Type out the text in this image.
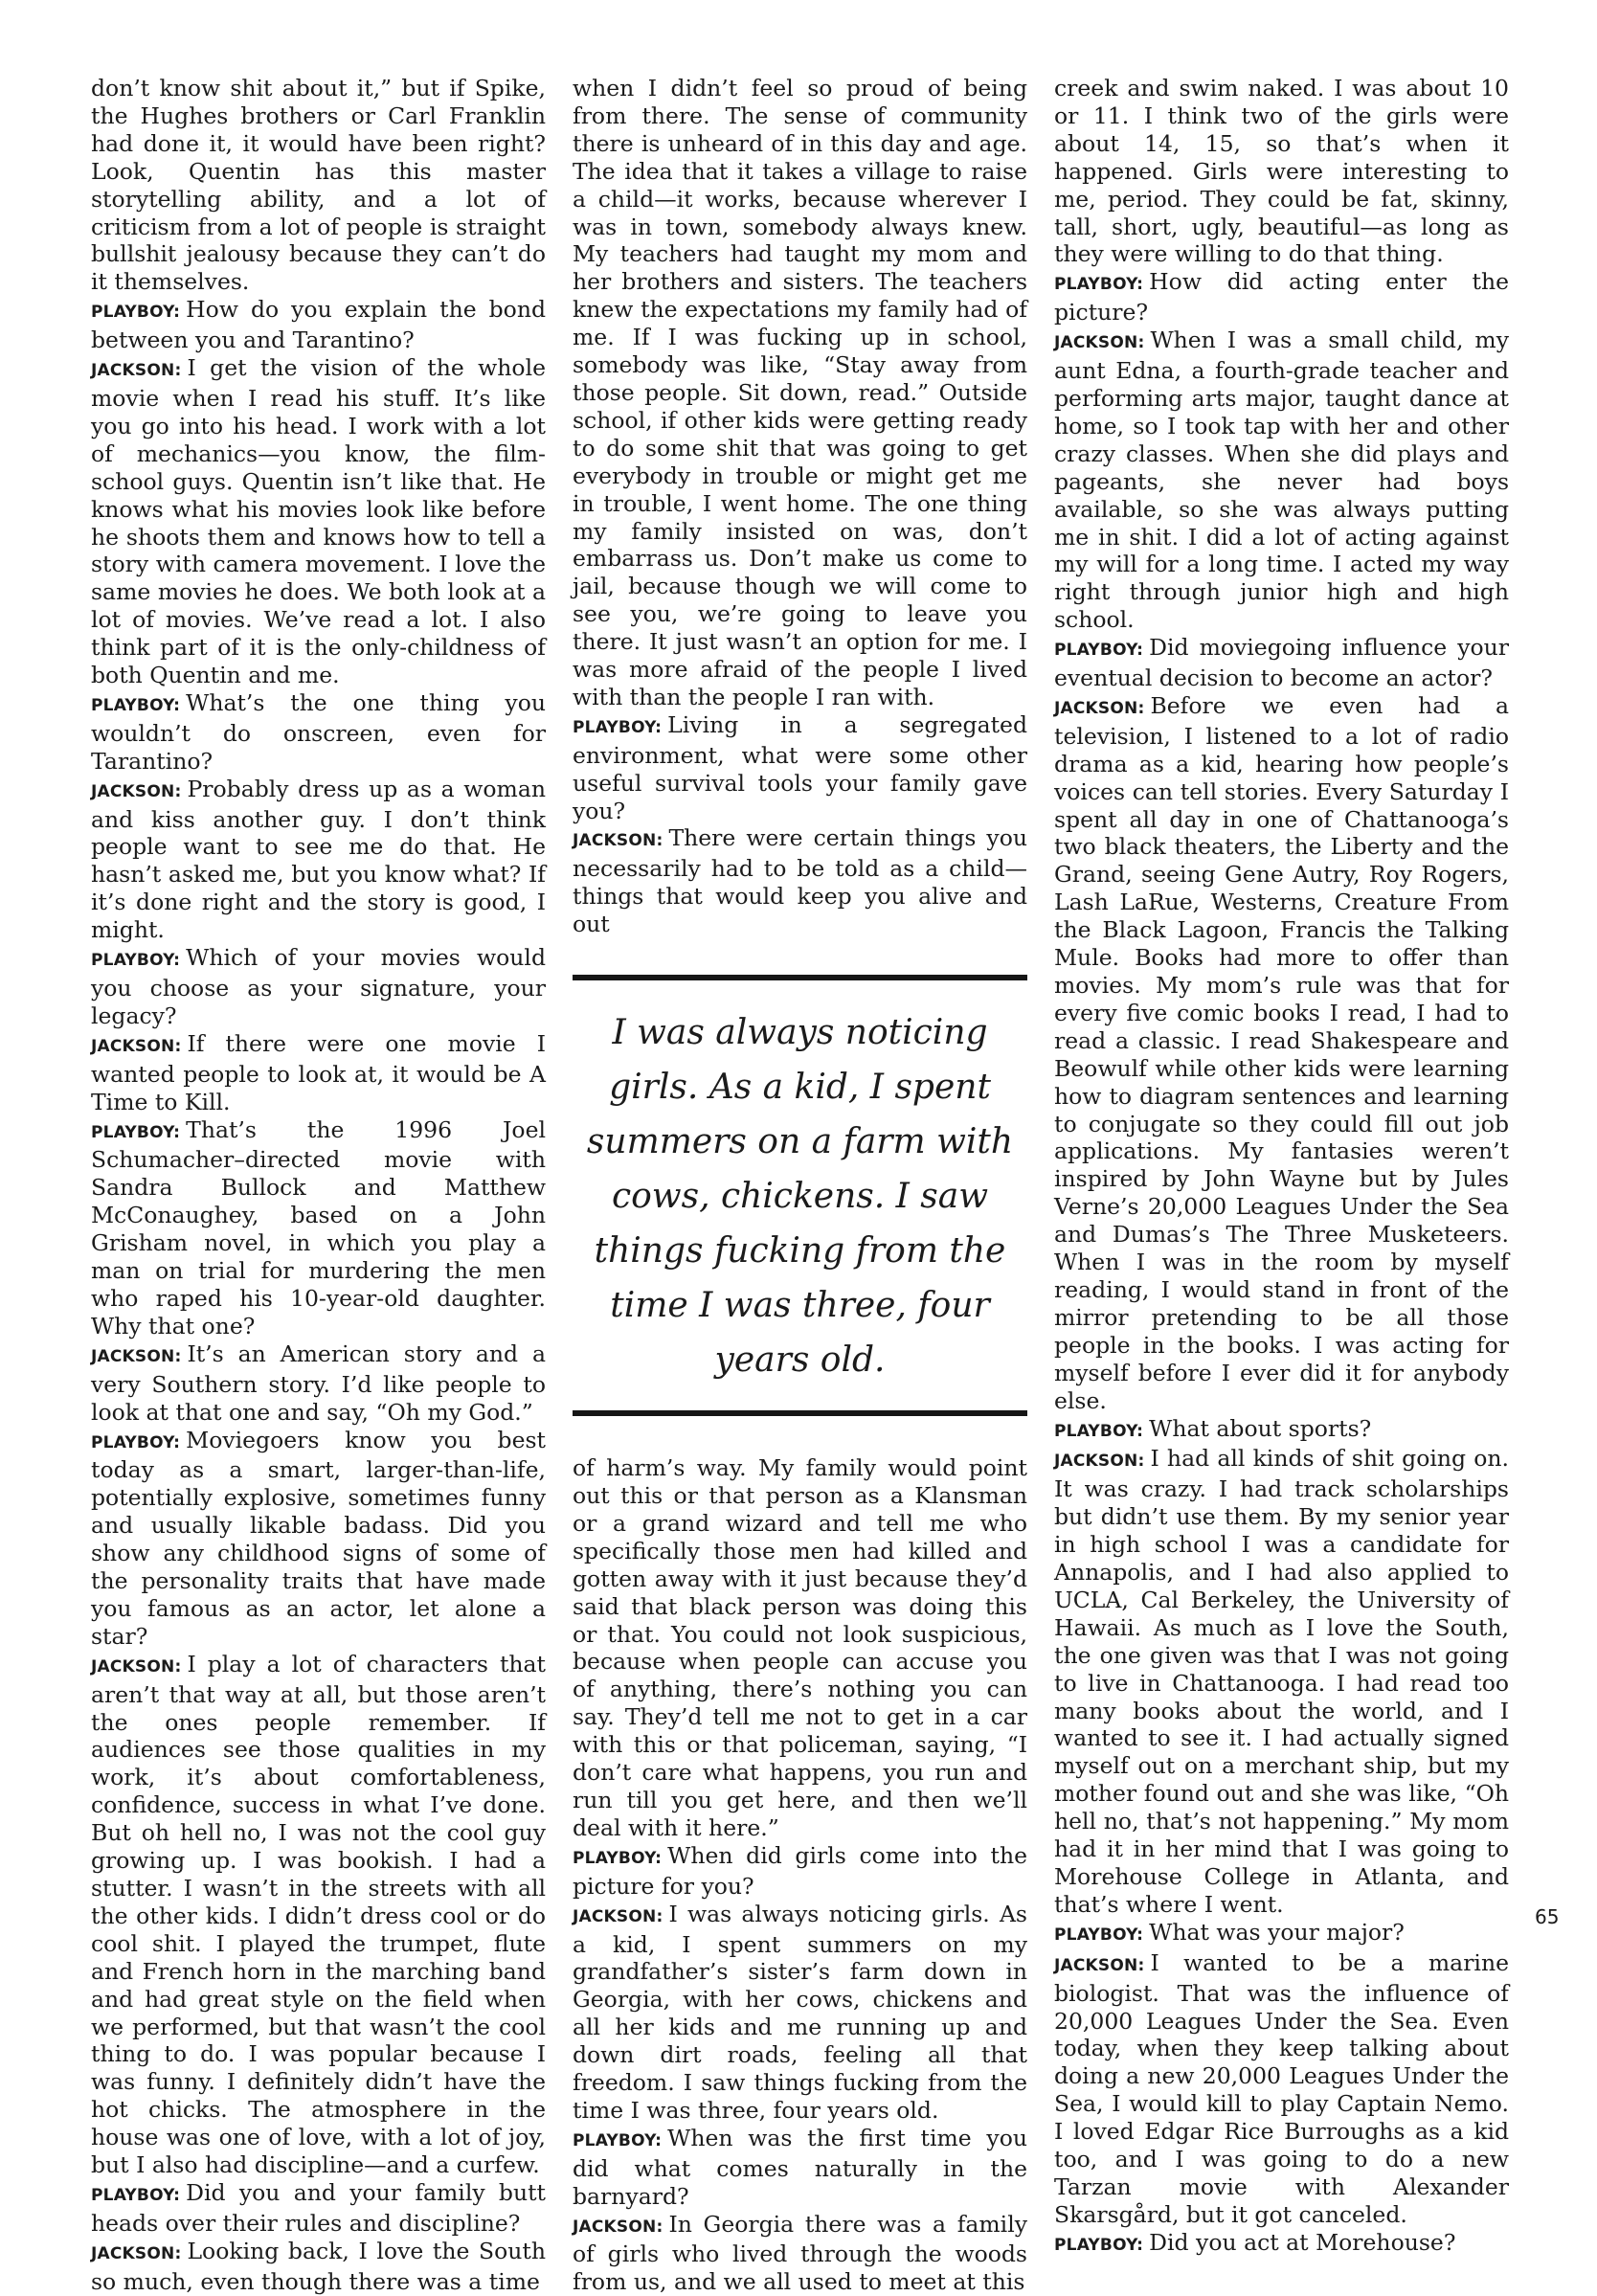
don’t know shit about it,” but if Spike, the Hughes brothers or Carl Franklin had done it, it would have been right? Look, Quentin has this master storytelling ability, and a lot of criticism from a lot of people is straight bullshit jealousy because they can’t do it themselves.

PLAYBOY: How do you explain the bond between you and Tarantino?

JACKSON: I get the vision of the whole movie when I read his stuff. It’s like you go into his head. I work with a lot of mechanics—you know, the film-school guys. Quentin isn’t like that. He knows what his movies look like before he shoots them and knows how to tell a story with camera movement. I love the same movies he does. We both look at a lot of movies. We’ve read a lot. I also think part of it is the only-childness of both Quentin and me.

PLAYBOY: What’s the one thing you wouldn’t do onscreen, even for Tarantino?

JACKSON: Probably dress up as a woman and kiss another guy. I don’t think people want to see me do that. He hasn’t asked me, but you know what? If it’s done right and the story is good, I might.

PLAYBOY: Which of your movies would you choose as your signature, your legacy?

JACKSON: If there were one movie I wanted people to look at, it would be A Time to Kill.

PLAYBOY: That’s the 1996 Joel Schumacher–directed movie with Sandra Bullock and Matthew McConaughey, based on a John Grisham novel, in which you play a man on trial for murdering the men who raped his 10-year-old daughter. Why that one?

JACKSON: It’s an American story and a very Southern story. I’d like people to look at that one and say, “Oh my God.”

PLAYBOY: Moviegoers know you best today as a smart, larger-than-life, potentially explosive, sometimes funny and usually likable badass. Did you show any childhood signs of some of the personality traits that have made you famous as an actor, let alone a star?

JACKSON: I play a lot of characters that aren’t that way at all, but those aren’t the ones people remember. If audiences see those qualities in my work, it’s about comfortableness, confidence, success in what I’ve done. But oh hell no, I was not the cool guy growing up. I was bookish. I had a stutter. I wasn’t in the streets with all the other kids. I didn’t dress cool or do cool shit. I played the trumpet, flute and French horn in the marching band and had great style on the field when we performed, but that wasn’t the cool thing to do. I was popular because I was funny. I definitely didn’t have the hot chicks. The atmosphere in the house was one of love, with a lot of joy, but I also had discipline—and a curfew.

PLAYBOY: Did you and your family butt heads over their rules and discipline?

JACKSON: Looking back, I love the South so much, even though there was a time

when I didn’t feel so proud of being from there. The sense of community there is unheard of in this day and age. The idea that it takes a village to raise a child—it works, because wherever I was in town, somebody always knew. My teachers had taught my mom and her brothers and sisters. The teachers knew the expectations my family had of me. If I was fucking up in school, somebody was like, “Stay away from those people. Sit down, read.” Outside school, if other kids were getting ready to do some shit that was going to get everybody in trouble or might get me in trouble, I went home. The one thing my family insisted on was, don’t embarrass us. Don’t make us come to jail, because though we will come to see you, we’re going to leave you there. It just wasn’t an option for me. I was more afraid of the people I lived with than the people I ran with.

PLAYBOY: Living in a segregated environment, what were some other useful survival tools your family gave you?

JACKSON: There were certain things you necessarily had to be told as a child—things that would keep you alive and out

I was always noticing girls. As a kid, I spent summers on a farm with cows, chickens. I saw things fucking from the time I was three, four years old.

of harm’s way. My family would point out this or that person as a Klansman or a grand wizard and tell me who specifically those men had killed and gotten away with it just because they’d said that black person was doing this or that. You could not look suspicious, because when people can accuse you of anything, there’s nothing you can say. They’d tell me not to get in a car with this or that policeman, saying, “I don’t care what happens, you run and run till you get here, and then we’ll deal with it here.”

PLAYBOY: When did girls come into the picture for you?

JACKSON: I was always noticing girls. As a kid, I spent summers on my grandfather’s sister’s farm down in Georgia, with her cows, chickens and all her kids and me running up and down dirt roads, feeling all that freedom. I saw things fucking from the time I was three, four years old.

PLAYBOY: When was the first time you did what comes naturally in the barnyard?

JACKSON: In Georgia there was a family of girls who lived through the woods from us, and we all used to meet at this

creek and swim naked. I was about 10 or 11. I think two of the girls were about 14, 15, so that’s when it happened. Girls were interesting to me, period. They could be fat, skinny, tall, short, ugly, beautiful—as long as they were willing to do that thing.

PLAYBOY: How did acting enter the picture?

JACKSON: When I was a small child, my aunt Edna, a fourth-grade teacher and performing arts major, taught dance at home, so I took tap with her and other crazy classes. When she did plays and pageants, she never had boys available, so she was always putting me in shit. I did a lot of acting against my will for a long time. I acted my way right through junior high and high school.

PLAYBOY: Did moviegoing influence your eventual decision to become an actor?

JACKSON: Before we even had a television, I listened to a lot of radio drama as a kid, hearing how people’s voices can tell stories. Every Saturday I spent all day in one of Chattanooga’s two black theaters, the Liberty and the Grand, seeing Gene Autry, Roy Rogers, Lash LaRue, Westerns, Creature From the Black Lagoon, Francis the Talking Mule. Books had more to offer than movies. My mom’s rule was that for every five comic books I read, I had to read a classic. I read Shakespeare and Beowulf while other kids were learning how to diagram sentences and learning to conjugate so they could fill out job applications. My fantasies weren’t inspired by John Wayne but by Jules Verne’s 20,000 Leagues Under the Sea and Dumas’s The Three Musketeers. When I was in the room by myself reading, I would stand in front of the mirror pretending to be all those people in the books. I was acting for myself before I ever did it for anybody else.

PLAYBOY: What about sports?

JACKSON: I had all kinds of shit going on. It was crazy. I had track scholarships but didn’t use them. By my senior year in high school I was a candidate for Annapolis, and I had also applied to UCLA, Cal Berkeley, the University of Hawaii. As much as I love the South, the one given was that I was not going to live in Chattanooga. I had read too many books about the world, and I wanted to see it. I had actually signed myself out on a merchant ship, but my mother found out and she was like, “Oh hell no, that’s not happening.” My mom had it in her mind that I was going to Morehouse College in Atlanta, and that’s where I went.

PLAYBOY: What was your major?

JACKSON: I wanted to be a marine biologist. That was the influence of 20,000 Leagues Under the Sea. Even today, when they keep talking about doing a new 20,000 Leagues Under the Sea, I would kill to play Captain Nemo. I loved Edgar Rice Burroughs as a kid too, and I was going to do a new Tarzan movie with Alexander Skarsgård, but it got canceled.

PLAYBOY: Did you act at Morehouse?

65
